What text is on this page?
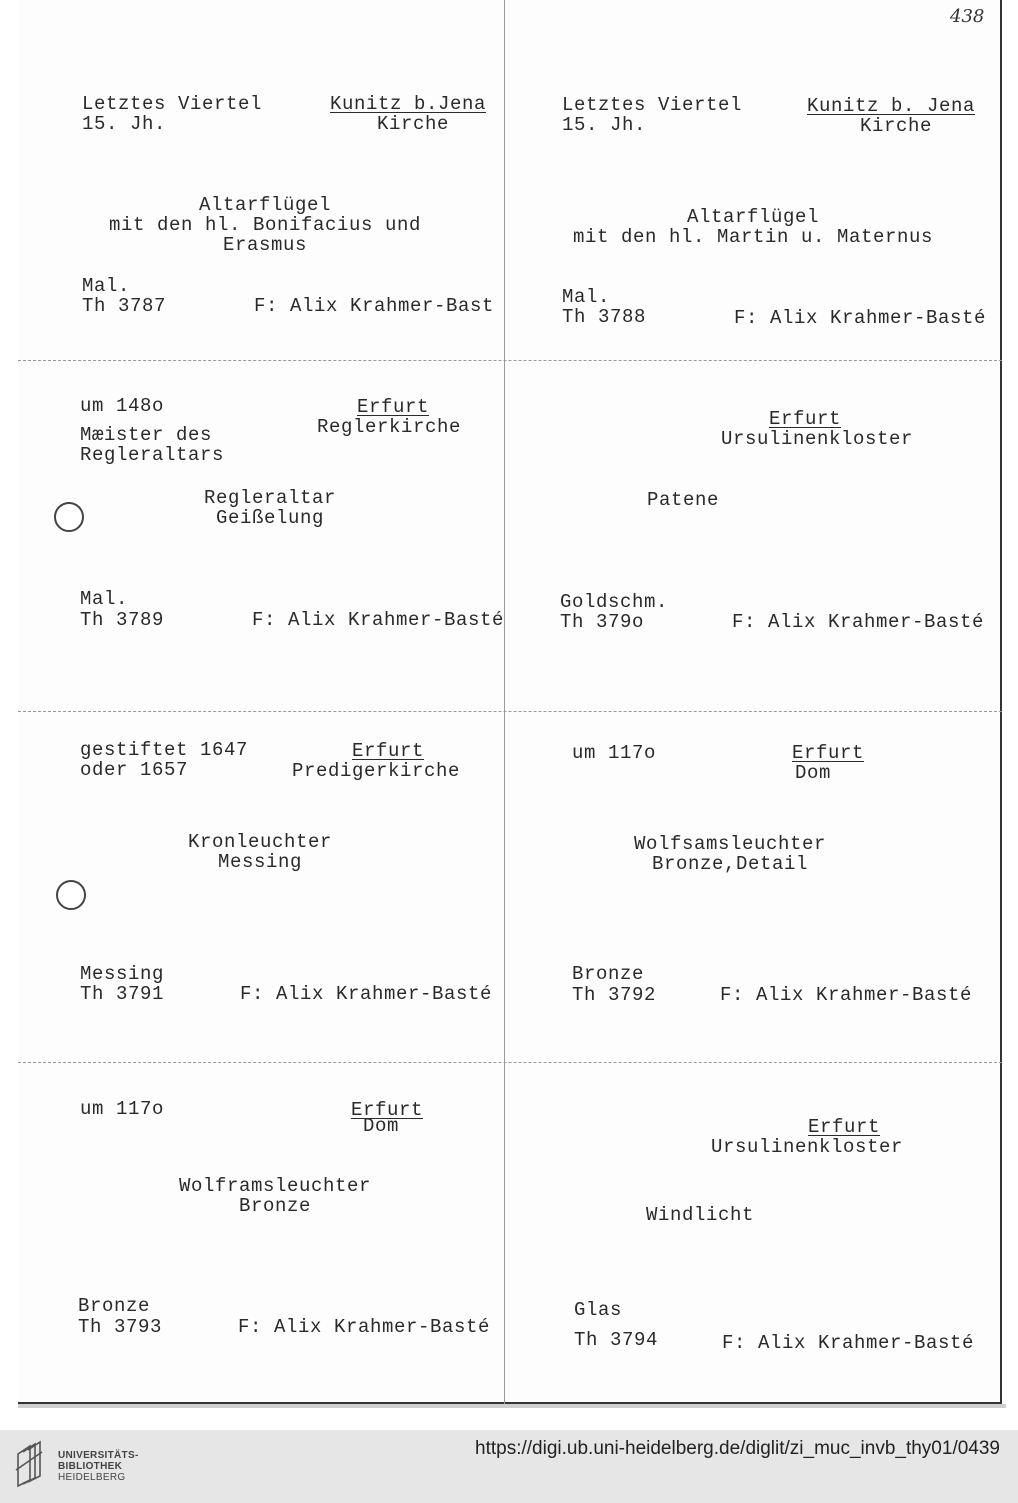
438
Letztes Viertel
15. Jh.
Kunitz b.Jena
Kirche
Altarflügel
mit den hl. Bonifacius und
Erasmus
Mal.
Th 3787	F: Alix Krahmer-Bast
Letztes Viertel
15. Jh.
Kunitz b. Jena
Kirche
Altarflügel
mit den hl. Martin u. Maternus
Mal.
Th 3788	F: Alix Krahmer-Basté
um 148o
Mæister des
Regleraltars
Erfurt
Reglerkirche
Regleraltar
Geißelung
Mal.
Th 3789	F: Alix Krahmer-Basté
Erfurt
Ursulinenkloster
Patene
Goldschm.
Th 379o	F: Alix Krahmer-Basté
gestiftet 1647
oder 1657
Erfurt
Predigerkirche
Kronleuchter
Messing
Messing
Th 3791	F: Alix Krahmer-Basté
um 117o	Erfurt
Dom
Wolfsamsleuchter
Bronze,Detail
Bronze
Th 3792	F: Alix Krahmer-Basté
um 117o	Erfurt
Dom
Wolframsleuchter
Bronze
Bronze
Th 3793	F: Alix Krahmer-Basté
Erfurt
Ursulinenkloster
Windlicht
Glas
Th 3794	F: Alix Krahmer-Basté
UNIVERSITÄTS-
BIBLIOTHEK
HEIDELBERG
https://digi.ub.uni-heidelberg.de/diglit/zi_muc_invb_thy01/0439
